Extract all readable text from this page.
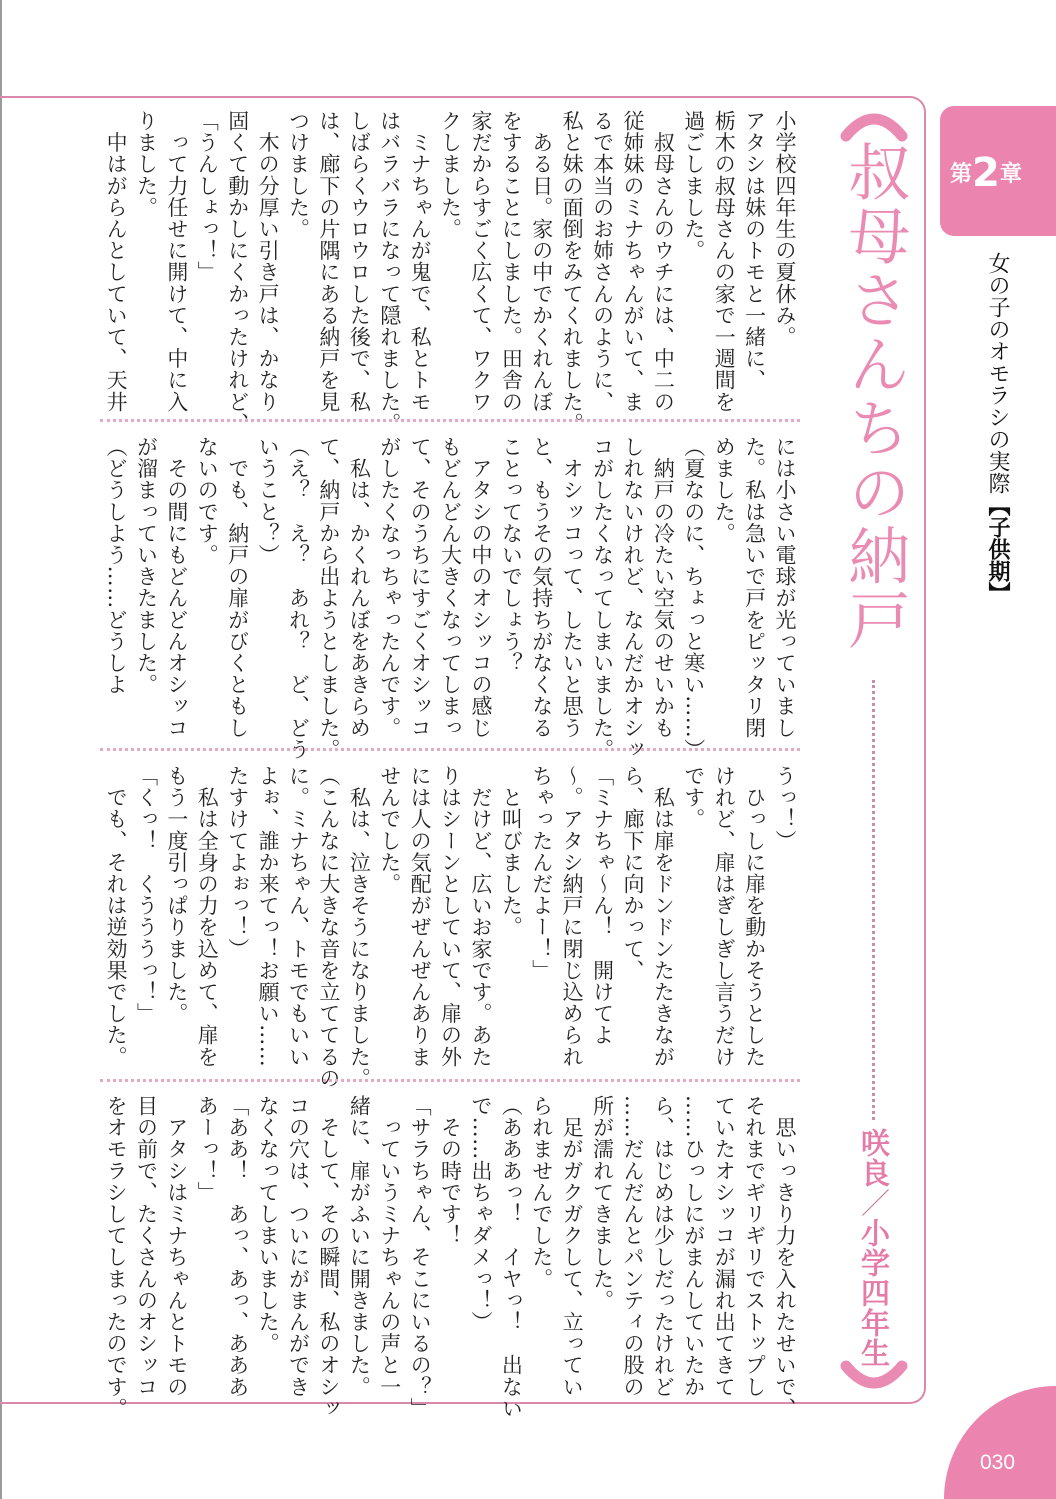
第2章
女の子のオモラシの実際【子供期】
叔母さんちの納戸
咲良／小学四年生
小学校四年生の夏休み。
アタシは妹のトモと一緒に、
栃木の叔母さんの家で一週間を
過ごしました。
　叔母さんのウチには、中二の
従姉妹のミナちゃんがいて、ま
るで本当のお姉さんのように、
私と妹の面倒をみてくれました。
　ある日。家の中でかくれんぼ
をすることにしました。田舎の
家だからすごく広くて、ワクワ
クしました。
　ミナちゃんが鬼で、私とトモ
はバラバラになって隠れました。
しばらくウロウロした後で、私
は、廊下の片隅にある納戸を見
つけました。
　木の分厚い引き戸は、かなり
固くて動かしにくかったけれど、
「うんしょっ！」
　って力任せに開けて、中に入
りました。
　中はがらんとしていて、天井
には小さい電球が光っていまし
た。私は急いで戸をピッタリ閉
めました。
（夏なのに、ちょっと寒い……）
　納戸の冷たい空気のせいかも
しれないけれど、なんだかオシッ
コがしたくなってしまいました。
　オシッコって、したいと思う
と、もうその気持ちがなくなる
ことってないでしょう？
　アタシの中のオシッコの感じ
もどんどん大きくなってしまっ
て、そのうちにすごくオシッコ
がしたくなっちゃったんです。
　私は、かくれんぼをあきらめ
て、納戸から出ようとしました。
（え？　え？　あれ？　ど、どう
いうこと？）
　でも、納戸の扉がびくともし
ないのです。
　その間にもどんどんオシッコ
が溜まっていきたました。
（どうしよう……どうしよ
うっ！）
　ひっしに扉を動かそうとした
けれど、扉はぎしぎし言うだけ
です。
　私は扉をドンドンたたきなが
ら、廊下に向かって、
「ミナちゃ～ん！　開けてよ
～。アタシ納戸に閉じ込められ
ちゃったんだよー！」
　と叫びました。
　だけど、広いお家です。あた
りはシーンとしていて、扉の外
には人の気配がぜんぜんありま
せんでした。
　私は、泣きそうになりました。
（こんなに大きな音を立ててるの
に。ミナちゃん、トモでもいい
よぉ、誰か来てっ！お願い……
たすけてよぉっ！）
　私は全身の力を込めて、扉を
もう一度引っぱりました。
「くっ！　くうううっ！」
　でも、それは逆効果でした。
　思いっきり力を入れたせいで、
それまでギリギリでストップし
ていたオシッコが漏れ出てきて
……ひっしにがまんしていたか
ら、はじめは少しだったけれど
……だんだんとパンティの股の
所が濡れてきました。
　足がガクガクして、立ってい
られませんでした。
（あああっ！　イヤっ！　出ない
で……出ちゃダメっ！）
　その時です！
「サラちゃん、そこにいるの？」
　っていうミナちゃんの声と一
緒に、扉がふいに開きました。
　そして、その瞬間、私のオシッ
コの穴は、ついにがまんができ
なくなってしまいました。
「ああ！　あっ、あっ、あああ
あーっ！」
　アタシはミナちゃんとトモの
目の前で、たくさんのオシッコ
をオモラシしてしまったのです。
030
